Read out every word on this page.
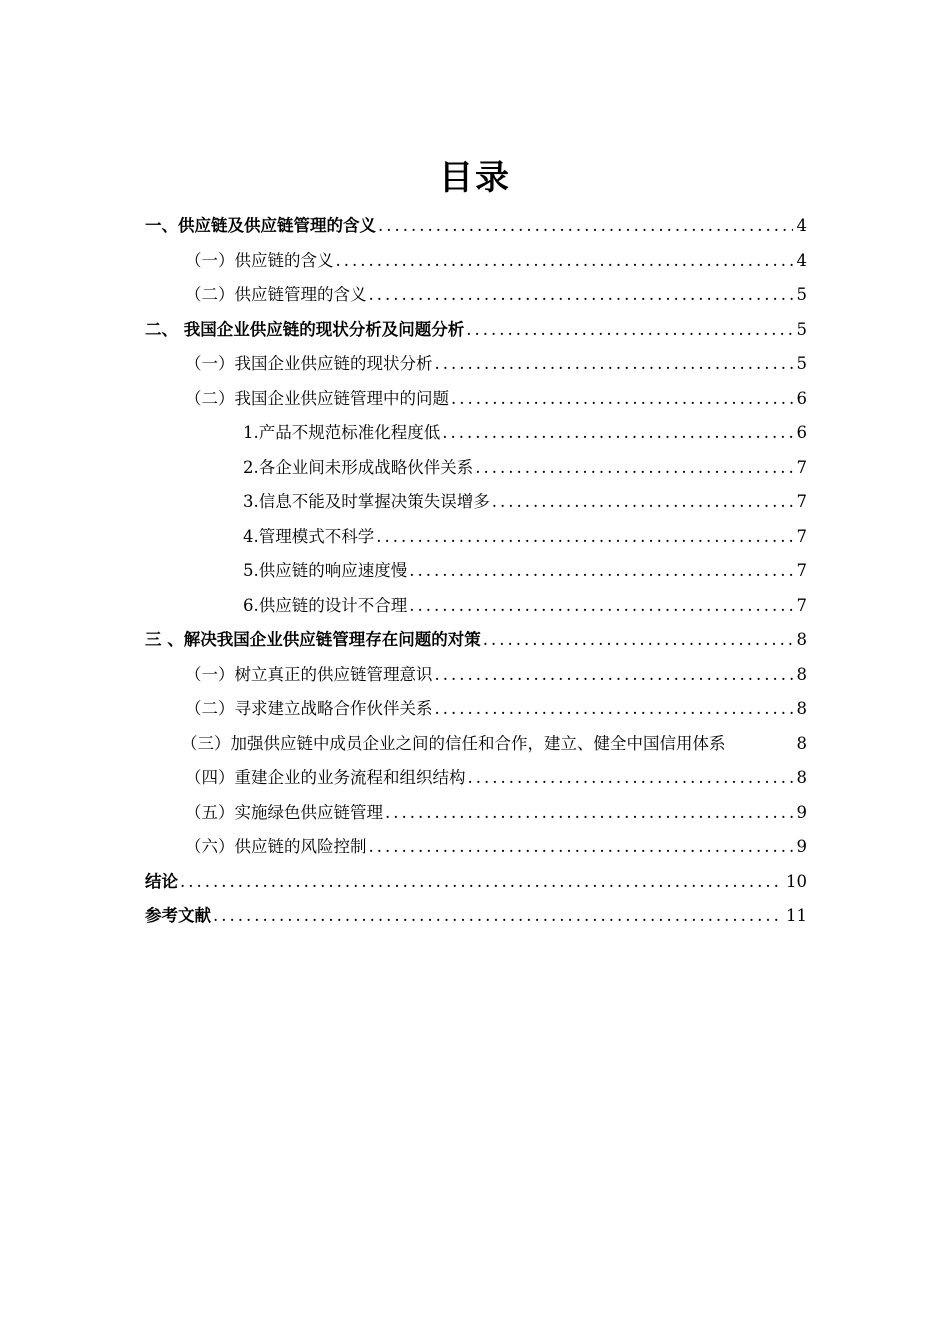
目录
一、供应链及供应链管理的含义 .....	4
（一）供应链的含义 .....	4
（二）供应链管理的含义 .....	5
二、 我国企业供应链的现状分析及问题分析 .....	5
（一）我国企业供应链的现状分析 .....	5
（二）我国企业供应链管理中的问题 .....	6
1.产品不规范标准化程度低 .....	6
2.各企业间未形成战略伙伴关系 .....	7
3.信息不能及时掌握决策失误增多 .....	7
4.管理模式不科学 .....	7
5.供应链的响应速度慢 .....	7
6.供应链的设计不合理 .....	7
三 、解决我国企业供应链管理存在问题的对策 .....	8
（一）树立真正的供应链管理意识 .....	8
（二）寻求建立战略合作伙伴关系 .....	8
（三）加强供应链中成员企业之间的信任和合作，建立、健全中国信用体系	8
（四）重建企业的业务流程和组织结构 .....	8
（五）实施绿色供应链管理 .....	9
（六）供应链的风险控制 .....	9
结论 .....	10
参考文献 .....	11
